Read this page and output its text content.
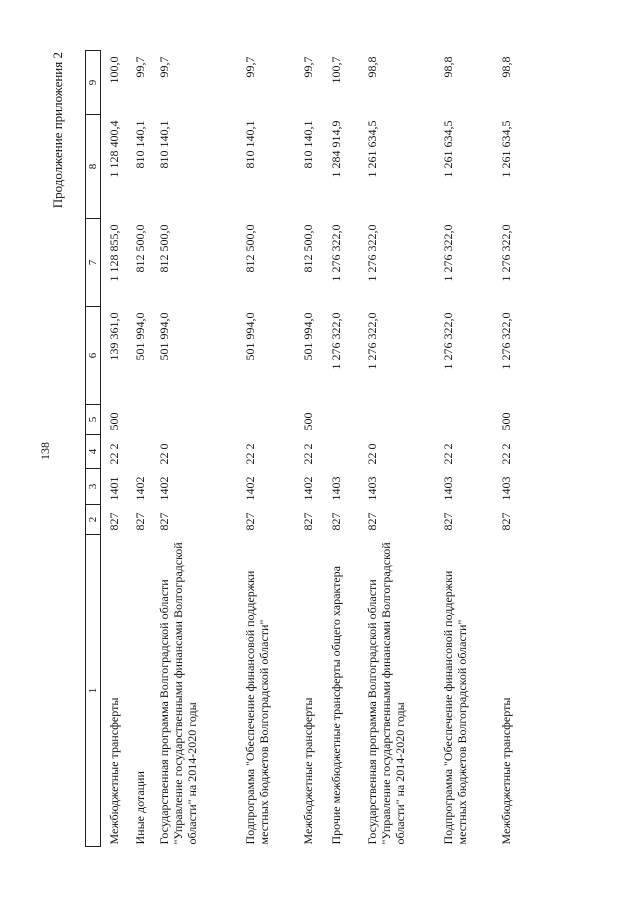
138
Продолжение приложения 2
1	2	3	4	5	6	7	8	9
Межбюджетные трансферты	827	1401	22 2	500	139 361,0	1 128 855,0	1 128 400,4	100,0
Иные дотации	827	1402			501 994,0	812 500,0	810 140,1	99,7
Государственная программа Волгоградской области "Управление государственными финансами Волгоградской области" на 2014-2020 годы	827	1402	22 0		501 994,0	812 500,0	810 140,1	99,7
Подпрограмма "Обеспечение финансовой поддержки местных бюджетов Волгоградской области"	827	1402	22 2		501 994,0	812 500,0	810 140,1	99,7
Межбюджетные трансферты	827	1402	22 2	500	501 994,0	812 500,0	810 140,1	99,7
Прочие межбюджетные трансферты общего характера	827	1403			1 276 322,0	1 276 322,0	1 284 914,9	100,7
Государственная программа Волгоградской области "Управление государственными финансами Волгоградской области" на 2014-2020 годы	827	1403	22 0		1 276 322,0	1 276 322,0	1 261 634,5	98,8
Подпрограмма "Обеспечение финансовой поддержки местных бюджетов Волгоградской области"	827	1403	22 2		1 276 322,0	1 276 322,0	1 261 634,5	98,8
Межбюджетные трансферты	827	1403	22 2	500	1 276 322,0	1 276 322,0	1 261 634,5	98,8
